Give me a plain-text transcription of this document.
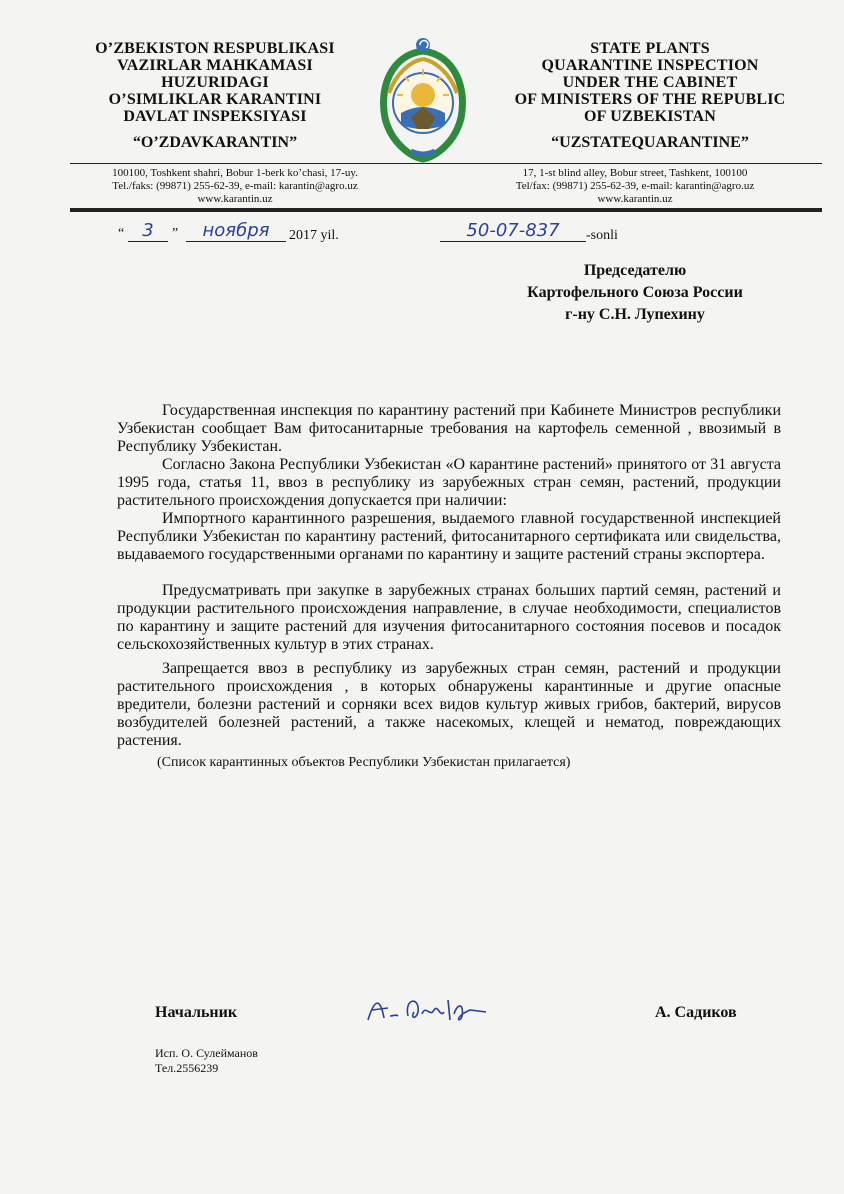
O’ZBEKISTON RESPUBLIKASI
VAZIRLAR MAHKAMASI
HUZURIDAGI
O’SIMLIKLAR KARANTINI
DAVLAT INSPEKSIYASI
“O’ZDAVKARANTIN”
STATE PLANTS
QUARANTINE INSPECTION
UNDER THE CABINET
OF MINISTERS OF THE REPUBLIC
OF UZBEKISTAN
“UZSTATEQUARANTINE”
100100, Toshkent shahri, Bobur 1-berk ko’chasi, 17-uy.
Tel./faks: (99871) 255-62-39, e-mail: karantin@agro.uz
www.karantin.uz
17, 1-st blind alley, Bobur street, Tashkent, 100100
Tel/fax: (99871) 255-62-39, e-mail: karantin@agro.uz
www.karantin.uz
“	3	”	ноября	2017 yil.	50-07-837	-sonli
Председателю
Картофельного Союза России
г-ну С.Н. Лупехину

Государственная инспекция по карантину растений при Кабинете Министров республики Узбекистан сообщает Вам фитосанитарные требования на картофель семенной , ввозимый в Республику Узбекистан.

Согласно Закона Республики Узбекистан «О карантине растений» принятого от 31 августа 1995 года, статья 11, ввоз в республику из зарубежных стран семян, растений, продукции растительного происхождения допускается при наличии:

Импортного карантинного разрешения, выдаемого главной государственной инспекцией Республики Узбекистан по карантину растений, фитосанитарного сертификата или свидельства, выдаваемого государственными органами по карантину и защите растений страны экспортера.

Предусматривать при закупке в зарубежных странах больших партий семян, растений и продукции растительного происхождения направление, в случае необходимости, специалистов по карантину и защите растений для изучения фитосанитарного состояния посевов и посадок сельскохозяйственных культур в этих странах.

Запрещается ввоз в республику из зарубежных стран семян, растений и продукции растительного происхождения , в которых обнаружены карантинные и другие опасные вредители, болезни растений и сорняки всех видов культур живых грибов, бактерий, вирусов возбудителей болезней растений, а также насекомых, клещей и нематод, повреждающих растения.

(Список карантинных объектов Республики Узбекистан прилагается)

Начальник	А. Садиков
Исп. О. Сулейманов
Тел.2556239
